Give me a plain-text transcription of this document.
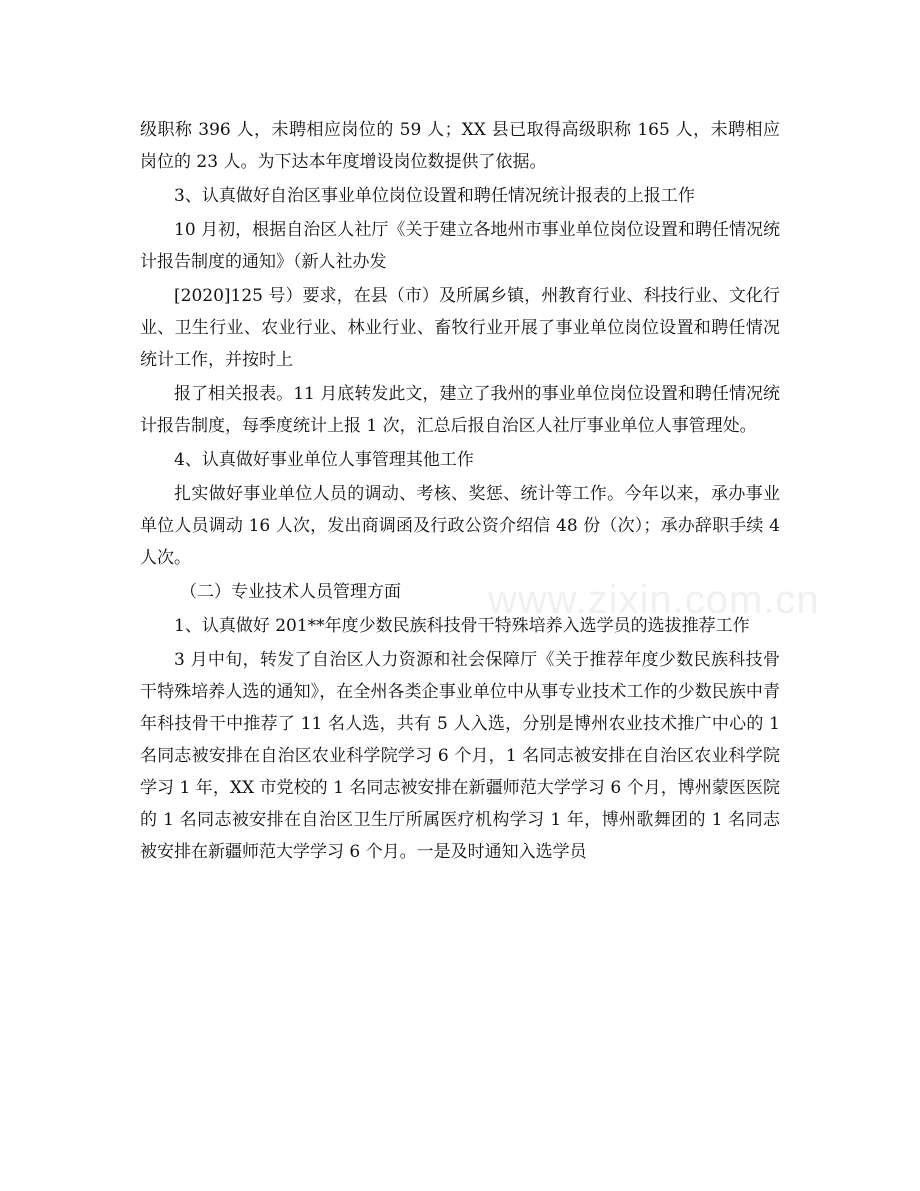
级职称 396 人，未聘相应岗位的 59 人；XX 县已取得高级职称 165 人，未聘相应岗位的 23 人。为下达本年度增设岗位数提供了依据。

3、认真做好自治区事业单位岗位设置和聘任情况统计报表的上报工作

10 月初，根据自治区人社厅《关于建立各地州市事业单位岗位设置和聘任情况统计报告制度的通知》（新人社办发

[2020]125 号）要求，在县（市）及所属乡镇，州教育行业、科技行业、文化行业、卫生行业、农业行业、林业行业、畜牧行业开展了事业单位岗位设置和聘任情况统计工作，并按时上

报了相关报表。11 月底转发此文，建立了我州的事业单位岗位设置和聘任情况统计报告制度，每季度统计上报 1 次，汇总后报自治区人社厅事业单位人事管理处。

4、认真做好事业单位人事管理其他工作

扎实做好事业单位人员的调动、考核、奖惩、统计等工作。今年以来，承办事业单位人员调动 16 人次，发出商调函及行政公资介绍信 48 份（次）；承办辞职手续 4 人次。

（二）专业技术人员管理方面

1、认真做好 201**年度少数民族科技骨干特殊培养入选学员的选拔推荐工作

3 月中旬，转发了自治区人力资源和社会保障厅《关于推荐年度少数民族科技骨干特殊培养人选的通知》，在全州各类企事业单位中从事专业技术工作的少数民族中青年科技骨干中推荐了 11 名人选，共有 5 人入选，分别是博州农业技术推广中心的 1 名同志被安排在自治区农业科学院学习 6 个月，1 名同志被安排在自治区农业科学院学习 1 年，XX 市党校的 1 名同志被安排在新疆师范大学学习 6 个月，博州蒙医医院的 1 名同志被安排在自治区卫生厅所属医疗机构学习 1 年，博州歌舞团的 1 名同志被安排在新疆师范大学学习 6 个月。一是及时通知入选学员

www.zixin.com.cn
